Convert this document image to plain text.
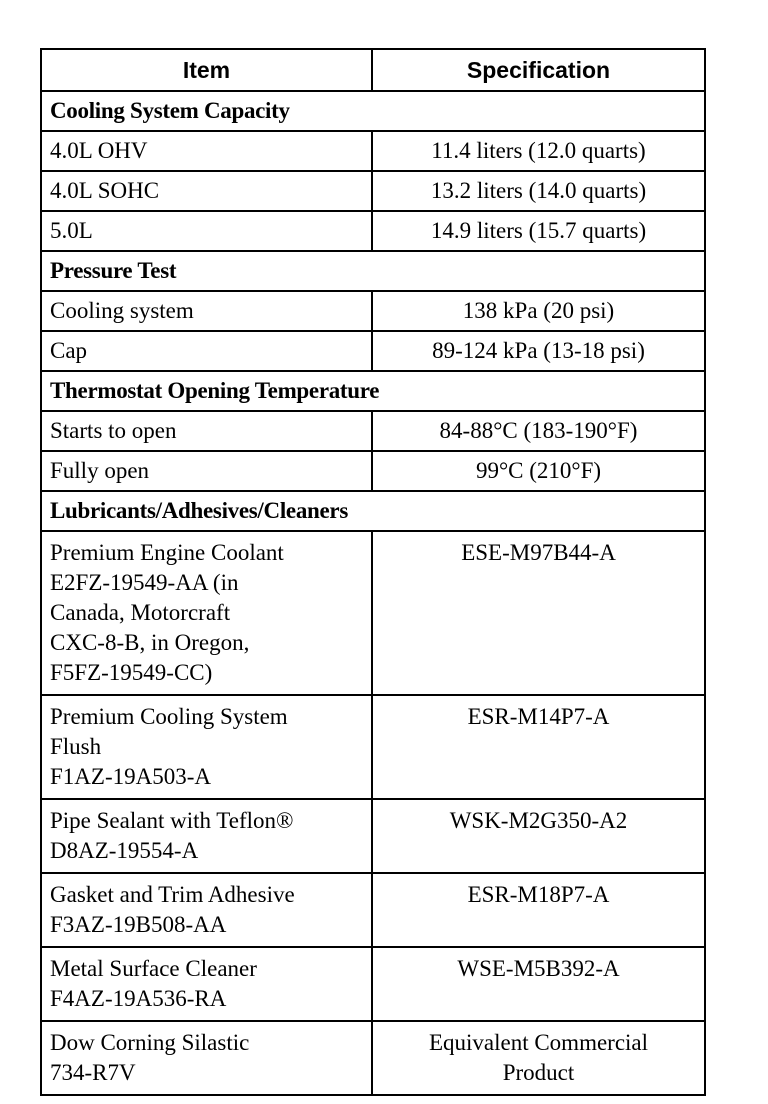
Item	Specification
Cooling System Capacity	
4.0L OHV	11.4 liters (12.0 quarts)
4.0L SOHC	13.2 liters (14.0 quarts)
5.0L	14.9 liters (15.7 quarts)
Pressure Test	
Cooling system	138 kPa (20 psi)
Cap	89-124 kPa (13-18 psi)
Thermostat Opening Temperature	
Starts to open	84-88°C (183-190°F)
Fully open	99°C (210°F)
Lubricants/Adhesives/Cleaners	
Premium Engine Coolant
E2FZ-19549-AA (in
Canada, Motorcraft
CXC-8-B, in Oregon,
F5FZ-19549-CC)	ESE-M97B44-A
Premium Cooling System
Flush
F1AZ-19A503-A	ESR-M14P7-A
Pipe Sealant with Teflon®
D8AZ-19554-A	WSK-M2G350-A2
Gasket and Trim Adhesive
F3AZ-19B508-AA	ESR-M18P7-A
Metal Surface Cleaner
F4AZ-19A536-RA	WSE-M5B392-A
Dow Corning Silastic
734-R7V	Equivalent Commercial
Product
